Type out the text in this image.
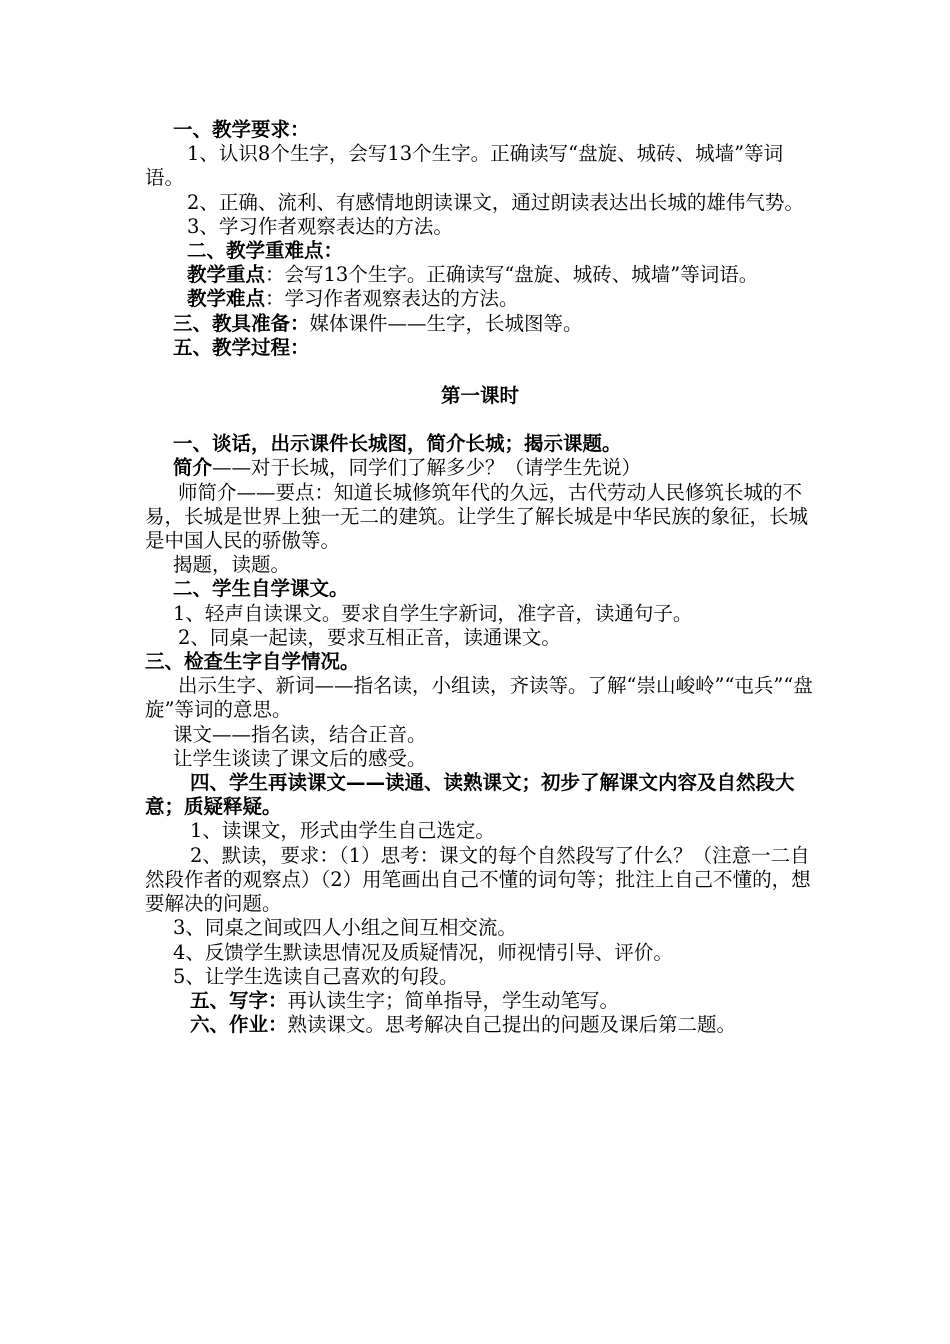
一、教学要求：
1、认识8个生字，会写13个生字。正确读写“盘旋、城砖、城墙”等词语。
2、正确、流利、有感情地朗读课文，通过朗读表达出长城的雄伟气势。
3、学习作者观察表达的方法。
二、教学重难点：
教学重点：会写13个生字。正确读写“盘旋、城砖、城墙”等词语。
教学难点：学习作者观察表达的方法。
三、教具准备：媒体课件——生字，长城图等。
五、教学过程：
第一课时
一、谈话，出示课件长城图，简介长城；揭示课题。
简介——对于长城，同学们了解多少？（请学生先说）
师简介——要点：知道长城修筑年代的久远，古代劳动人民修筑长城的不易，长城是世界上独一无二的建筑。让学生了解长城是中华民族的象征，长城是中国人民的骄傲等。
揭题，读题。
二、学生自学课文。
1、轻声自读课文。要求自学生字新词，准字音，读通句子。
2、同桌一起读，要求互相正音，读通课文。
三、检查生字自学情况。
出示生字、新词——指名读，小组读，齐读等。了解“崇山峻岭”“屯兵”“盘旋”等词的意思。
课文——指名读，结合正音。
让学生谈读了课文后的感受。
四、学生再读课文——读通、读熟课文；初步了解课文内容及自然段大意；质疑释疑。
1、读课文，形式由学生自己选定。
2、默读，要求：（1）思考：课文的每个自然段写了什么？（注意一二自然段作者的观察点）（2）用笔画出自己不懂的词句等；批注上自己不懂的，想要解决的问题。
3、同桌之间或四人小组之间互相交流。
4、反馈学生默读思情况及质疑情况，师视情引导、评价。
5、让学生选读自己喜欢的句段。
五、写字：再认读生字；简单指导，学生动笔写。
六、作业：熟读课文。思考解决自己提出的问题及课后第二题。
